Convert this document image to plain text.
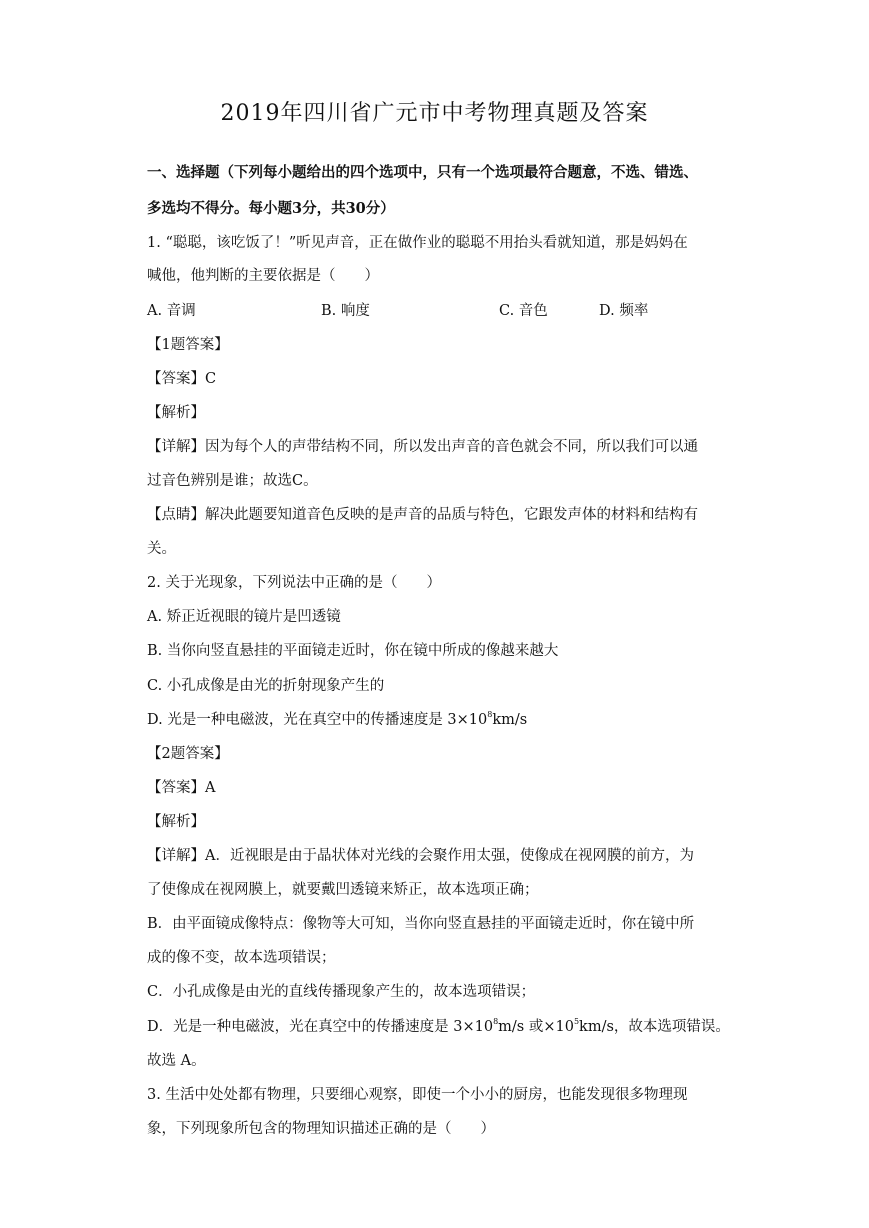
2019年四川省广元市中考物理真题及答案
一、选择题（下列每小题给出的四个选项中，只有一个选项最符合题意，不选、错选、
多选均不得分。每小题3分，共30分）
1. “聪聪，该吃饭了！”听见声音，正在做作业的聪聪不用抬头看就知道，那是妈妈在
喊他，他判断的主要依据是（　　）
A. 音调	B. 响度	C. 音色	D. 频率
【1题答案】
【答案】C
【解析】
【详解】因为每个人的声带结构不同，所以发出声音的音色就会不同，所以我们可以通
过音色辨别是谁；故选C。
【点睛】解决此题要知道音色反映的是声音的品质与特色，它跟发声体的材料和结构有
关。
2. 关于光现象，下列说法中正确的是（　　）
A. 矫正近视眼的镜片是凹透镜
B. 当你向竖直悬挂的平面镜走近时，你在镜中所成的像越来越大
C. 小孔成像是由光的折射现象产生的
D. 光是一种电磁波，光在真空中的传播速度是 $3\times 10^8km/s$
【2题答案】
【答案】A
【解析】
【详解】A．近视眼是由于晶状体对光线的会聚作用太强，使像成在视网膜的前方，为
了使像成在视网膜上，就要戴凹透镜来矫正，故本选项正确；
B．由平面镜成像特点：像物等大可知，当你向竖直悬挂的平面镜走近时，你在镜中所
成的像不变，故本选项错误；
C．小孔成像是由光的直线传播现象产生的，故本选项错误；
D．光是一种电磁波，光在真空中的传播速度是 $3\times 10^8m/s$ 或$\times 10^5km/s$，故本选项错误。
故选 A。
3. 生活中处处都有物理，只要细心观察，即使一个小小的厨房，也能发现很多物理现
象，下列现象所包含的物理知识描述正确的是（　　）
